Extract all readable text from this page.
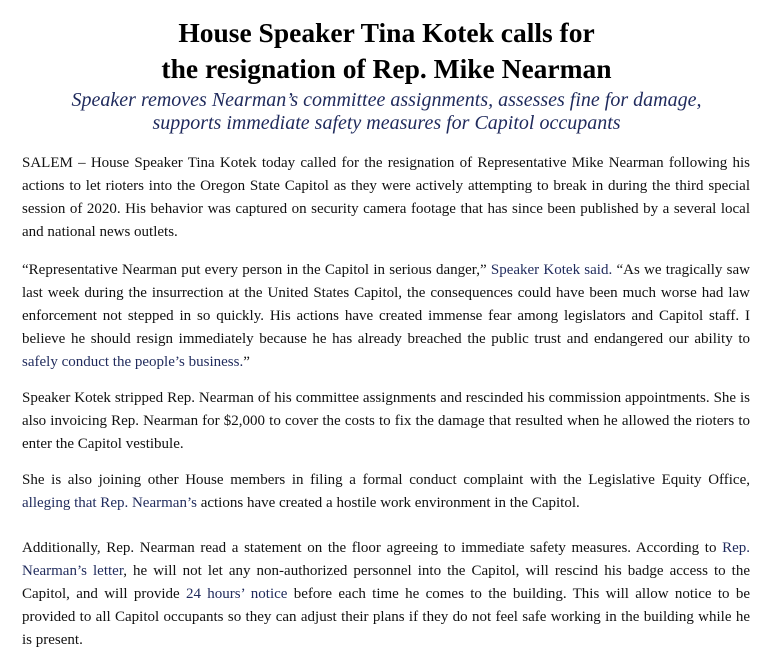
House Speaker Tina Kotek calls for
the resignation of Rep. Mike Nearman
Speaker removes Nearman’s committee assignments, assesses fine for damage,
supports immediate safety measures for Capitol occupants

SALEM – House Speaker Tina Kotek today called for the resignation of Representative Mike Nearman following his actions to let rioters into the Oregon State Capitol as they were actively attempting to break in during the third special session of 2020. His behavior was captured on security camera footage that has since been published by a several local and national news outlets.

“Representative Nearman put every person in the Capitol in serious danger,” Speaker Kotek said. “As we tragically saw last week during the insurrection at the United States Capitol, the consequences could have been much worse had law enforcement not stepped in so quickly. His actions have created immense fear among legislators and Capitol staff. I believe he should resign immediately because he has already breached the public trust and endangered our ability to safely conduct the people’s business.”

Speaker Kotek stripped Rep. Nearman of his committee assignments and rescinded his commission appointments. She is also invoicing Rep. Nearman for $2,000 to cover the costs to fix the damage that resulted when he allowed the rioters to enter the Capitol vestibule.

She is also joining other House members in filing a formal conduct complaint with the Legislative Equity Office, alleging that Rep. Nearman’s actions have created a hostile work environment in the Capitol.

Additionally, Rep. Nearman read a statement on the floor agreeing to immediate safety measures. According to Rep. Nearman’s letter, he will not let any non-authorized personnel into the Capitol, will rescind his badge access to the Capitol, and will provide 24 hours’ notice before each time he comes to the building. This will allow notice to be provided to all Capitol occupants so they can adjust their plans if they do not feel safe working in the building while he is present.
